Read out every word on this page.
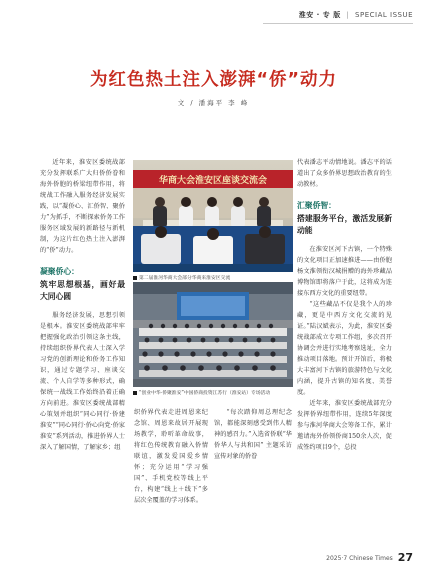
淮安 · 专 版 | SPECIAL ISSUE
为红色热土注入澎湃“侨”动力
文 / 潘海平 李 峰

近年来，淮安区委统战部充分发挥联系广大归侨侨眷和海外侨胞的桥梁纽带作用，将统战工作融入服务经济发展实践，以“凝侨心、汇侨智、聚侨力”为抓手，不断探索侨务工作服务区域发展的新路径与新机制，为这片红色热土注入澎湃的“侨”动力。

凝聚侨心：
筑牢思想根基，画好最大同心圆

服务经济发展，思想引领是根本。淮安区委统战部牢牢把握强化政治引领这条主线，持续组织侨界代表人士深入学习党的创新理论和侨务工作知识，通过专题学习、座谈交流、个人自学等多种形式，确保统一战线工作始终沿着正确方向前进。淮安区委统战部精心策划并组织“同心同行·侨建淮安”“同心同行·侨心向党·侨家淮安”系列活动，推进侨界人士深入了解国情，了解家乡；组

华商大会淮安区座谈交流会
第二届淮河华商大会部分华商来淮安区交流
“创业中华·侨聚淮安”中国侨商投资江苏行（淮安站）专场活动

织侨界代表走进周恩来纪念馆、周恩来故居开展现场教学，聆听革命故事，将红色传统教育融入侨情联谊，激发爱国爱乡情怀；充分运用“学习强国”、手机党校等线上平台，构建“线上＋线下”多层次全覆盖的学习体系。

“每次踏仰周总理纪念馆，都能深刻感受到伟人精神的感召力。”入选省侨联“华侨华人与共和国” 主题采访宣传对象的侨眷

代表潘志平动情地说。潘志平的话道出了众多侨界思想政治教育的生动教材。

汇聚侨智：
搭建服务平台，激活发展新动能

在淮安区河下古镇，一个特殊的文化项目正加速推进——由侨胞杨文淮领衔汉城捐赠的海外珍藏品博物馆即将落户于此，这将成为连接东西方文化的重要纽带。

“这些藏品不仅是我个人的珍藏，更是中西方文化交流的见证。”陆汉斌表示，为此，淮安区委统战部成立专项工作组，多次召开协调会并进行实地考察选址，全力推动项目落地。预计开馆后，将极大丰富河下古镇的旅游特色与文化内涵，提升古镇的知名度、美誉度。

近年来，淮安区委统战部充分发挥侨界纽带作用，连续5年深度参与淮河华商大会筹备工作，累计邀请海外侨领侨商150余人次，促成签约项目9个，总投

2025·7 Chinese Times 27
